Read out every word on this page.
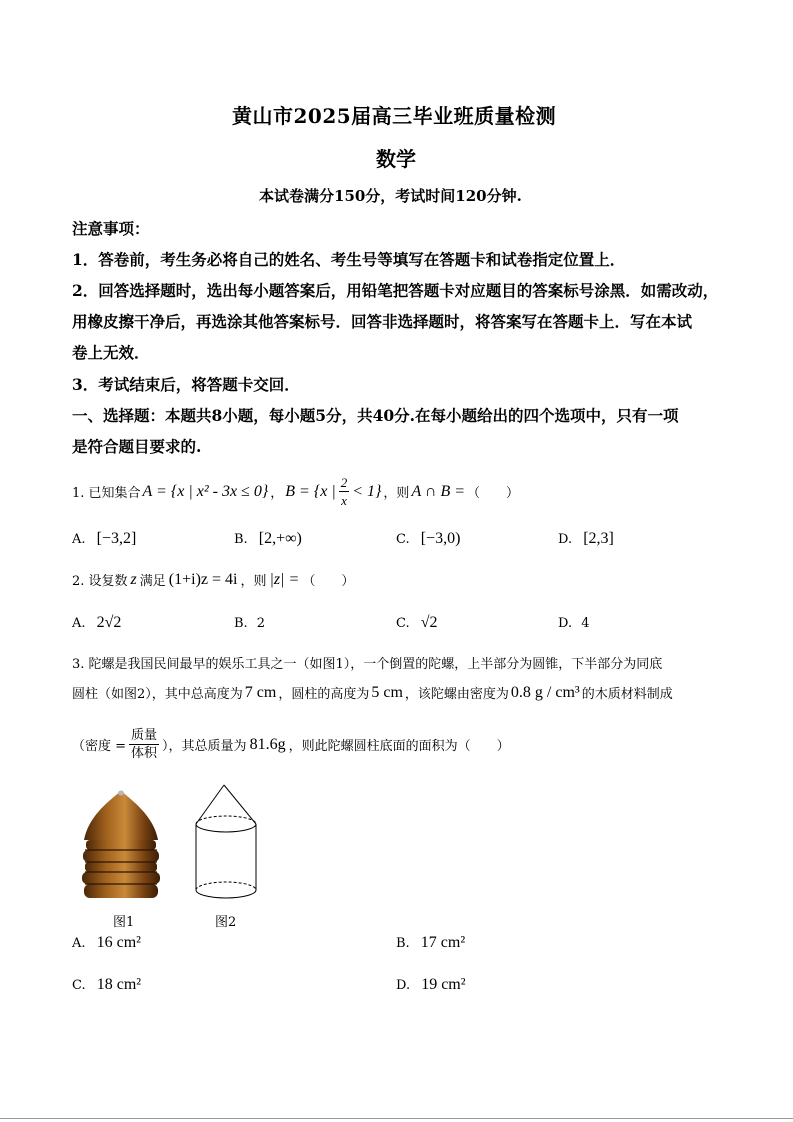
黄山市2025届高三毕业班质量检测
数学
本试卷满分150分，考试时间120分钟.
注意事项：
1．答卷前，考生务必将自己的姓名、考生号等填写在答题卡和试卷指定位置上．
2．回答选择题时，选出每小题答案后，用铅笔把答题卡对应题目的答案标号涂黑．如需改动，
用橡皮擦干净后，再选涂其他答案标号．回答非选择题时，将答案写在答题卡上．写在本试
卷上无效．
3．考试结束后，将答题卡交回．
一、选择题：本题共8小题，每小题5分，共40分.在每小题给出的四个选项中，只有一项
是符合题目要求的.
1. 已知集合 A = {x | x² - 3x ≤ 0} ， B = {x | $\frac{2}{x} < 1$} ，则 A ∩ B = （　　）
A. [−3,2]	B. [2,+∞)	C. [−3,0)	D. [2,3]
2. 设复数 z 满足 (1+i)z = 4i ，则 |z| = （　　）
A. 2√2	B. 2	C. √2	D. 4
3. 陀螺是我国民间最早的娱乐工具之一（如图1），一个倒置的陀螺，上半部分为圆锥，下半部分为同底
圆柱（如图2），其中总高度为 7 cm ，圆柱的高度为 5 cm ，该陀螺由密度为 0.8 g / cm³ 的木质材料制成
（密度 = $\frac{\text{质量}}{\text{体积}}$ ），其总质量为 81.6g ，则此陀螺圆柱底面的面积为（　　）
图1	图2
A. 16 cm²	B. 17 cm²
C. 18 cm²	D. 19 cm²
